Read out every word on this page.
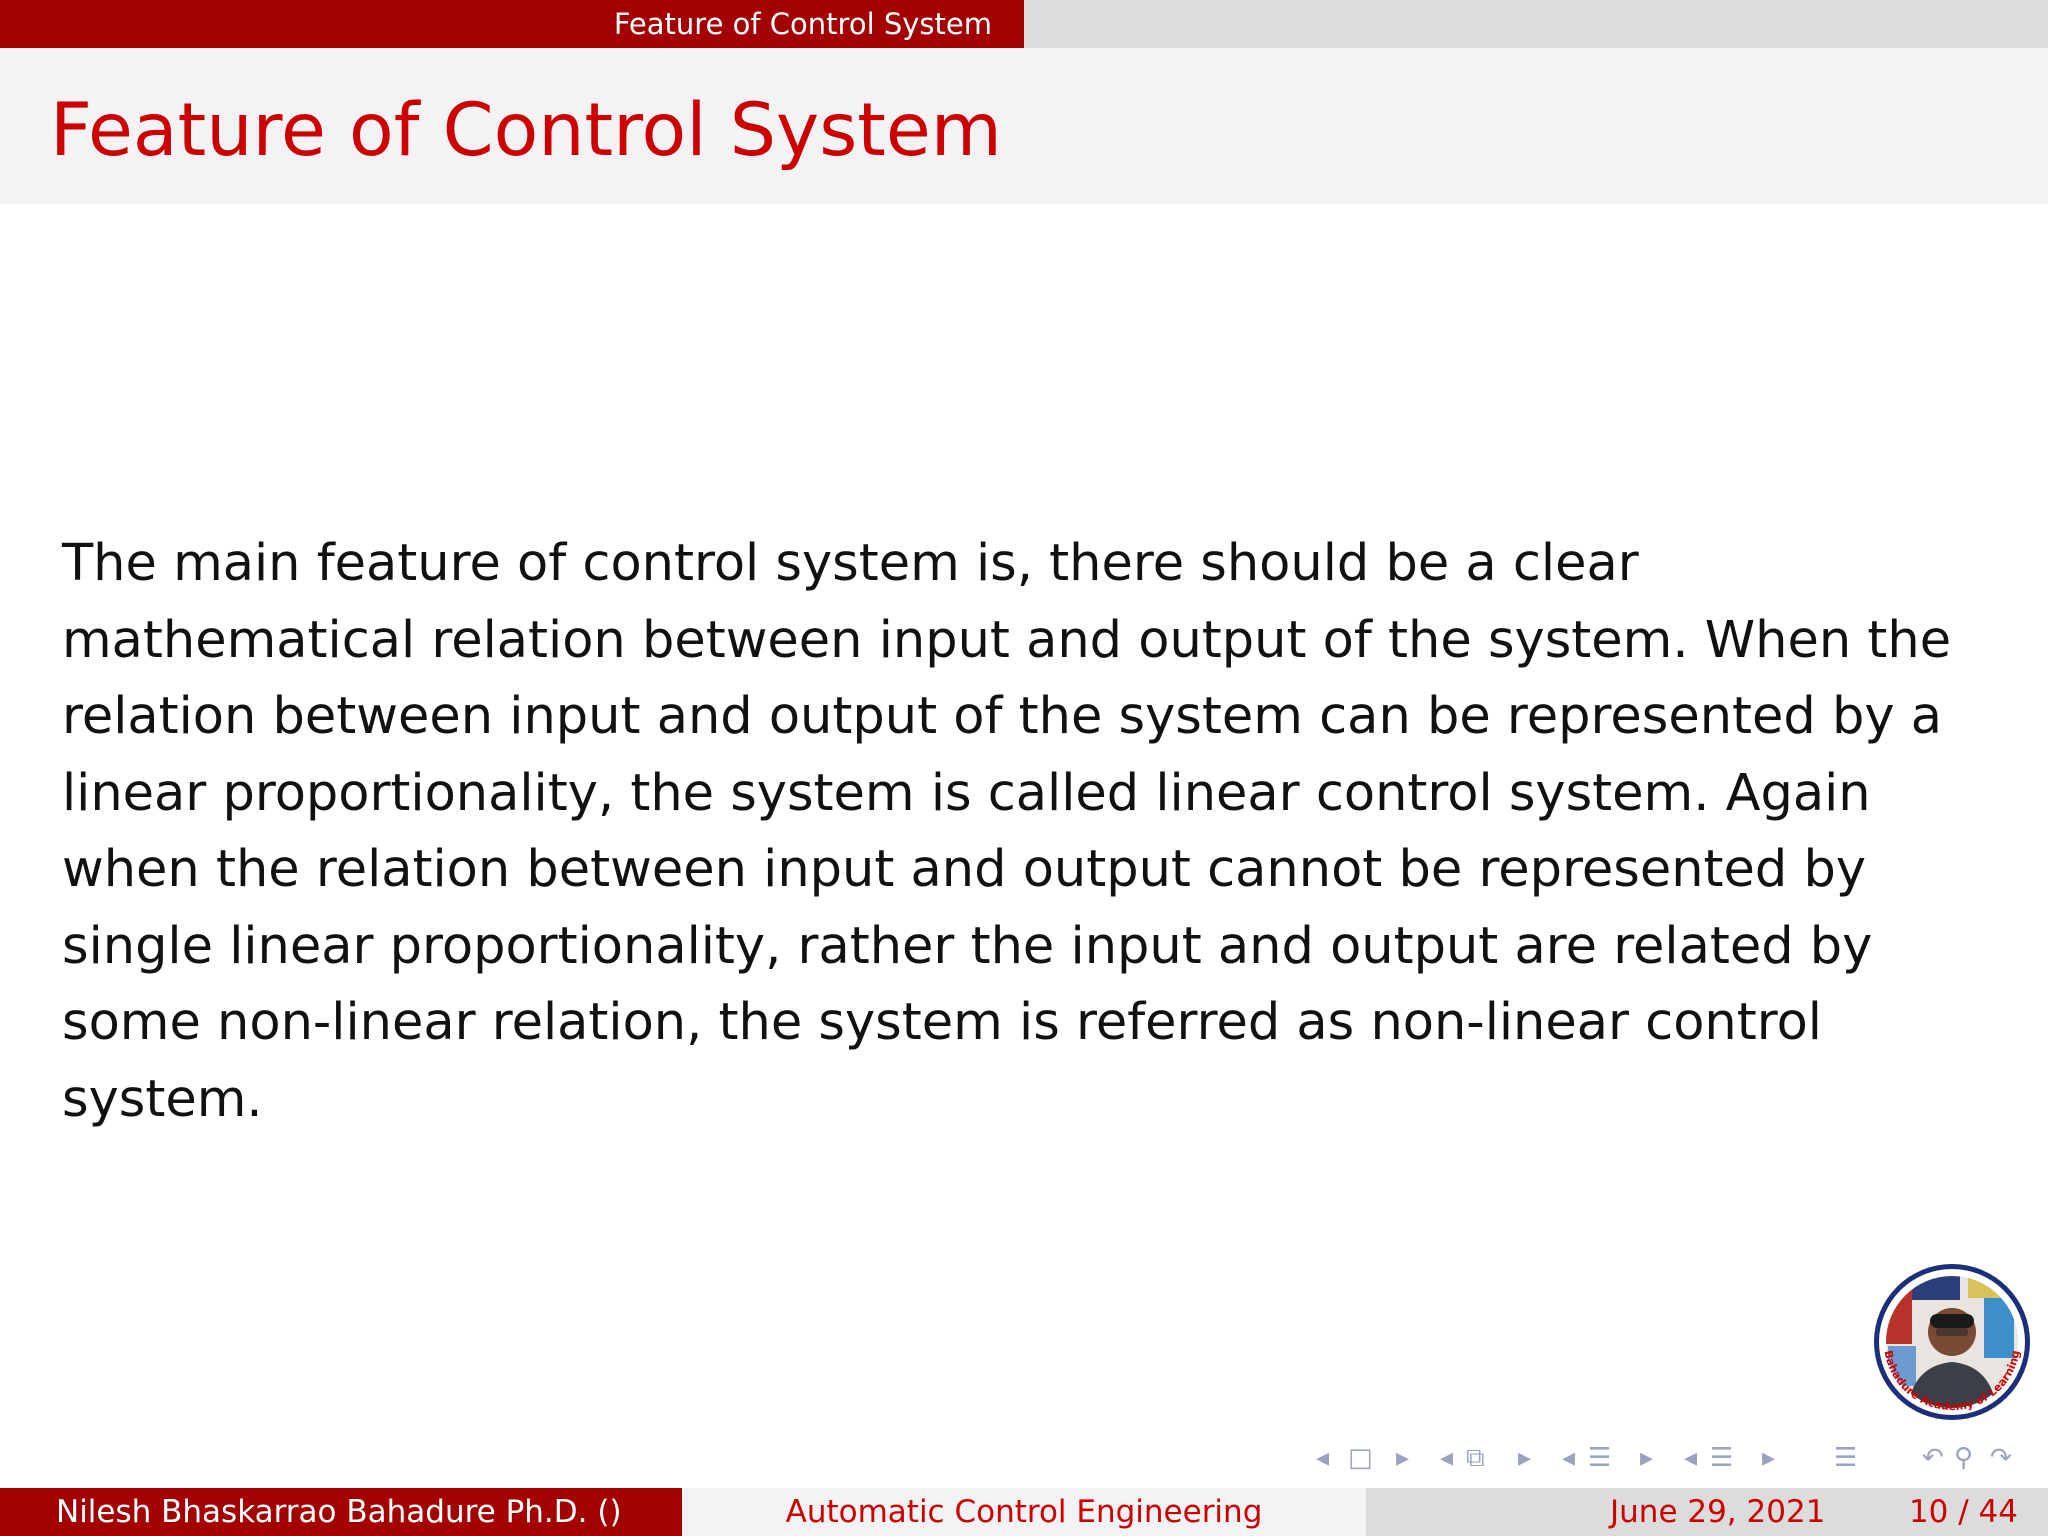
Feature of Control System
Feature of Control System

The main feature of control system is, there should be a clear mathematical relation between input and output of the system. When the relation between input and output of the system can be represented by a linear proportionality, the system is called linear control system. Again when the relation between input and output cannot be represented by single linear proportionality, rather the input and output are related by some non-linear relation, the system is referred as non-linear control system.

Bahadure Academy of Learning
◂ □ ▸ ◂ ⧉ ▸ ◂ ☰ ▸ ◂ ☰ ▸ ☰ ↶ ⚲ ↷
Nilesh Bhaskarrao Bahadure Ph.D. ()	Automatic Control Engineering	June 29, 2021	10 / 44
